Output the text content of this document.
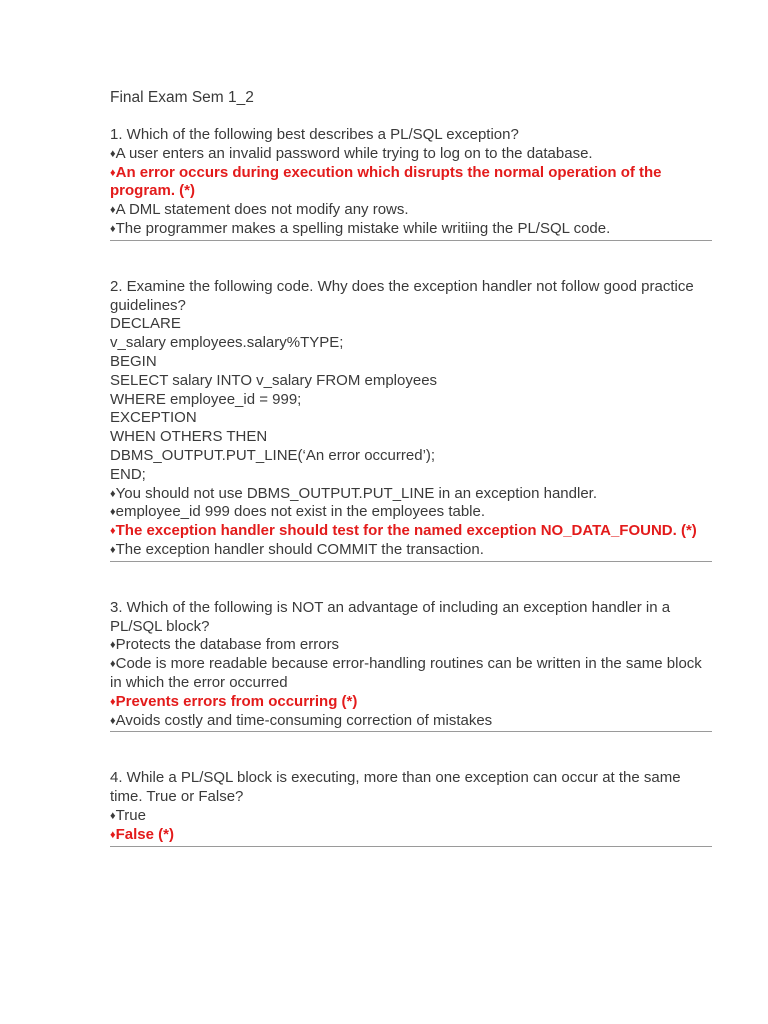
Final Exam Sem 1_2
1. Which of the following best describes a PL/SQL exception?
♦A user enters an invalid password while trying to log on to the database.
♦An error occurs during execution which disrupts the normal operation of the program. (*)
♦A DML statement does not modify any rows.
♦The programmer makes a spelling mistake while writiing the PL/SQL code.
2. Examine the following code. Why does the exception handler not follow good practice guidelines?
DECLARE
v_salary employees.salary%TYPE;
BEGIN
SELECT salary INTO v_salary FROM employees
WHERE employee_id = 999;
EXCEPTION
WHEN OTHERS THEN
DBMS_OUTPUT.PUT_LINE(‘An error occurred’);
END;
♦You should not use DBMS_OUTPUT.PUT_LINE in an exception handler.
♦employee_id 999 does not exist in the employees table.
♦The exception handler should test for the named exception NO_DATA_FOUND. (*)
♦The exception handler should COMMIT the transaction.
3. Which of the following is NOT an advantage of including an exception handler in a PL/SQL block?
♦Protects the database from errors
♦Code is more readable because error-handling routines can be written in the same block in which the error occurred
♦Prevents errors from occurring (*)
♦Avoids costly and time-consuming correction of mistakes
4. While a PL/SQL block is executing, more than one exception can occur at the same time. True or False?
♦True
♦False (*)
